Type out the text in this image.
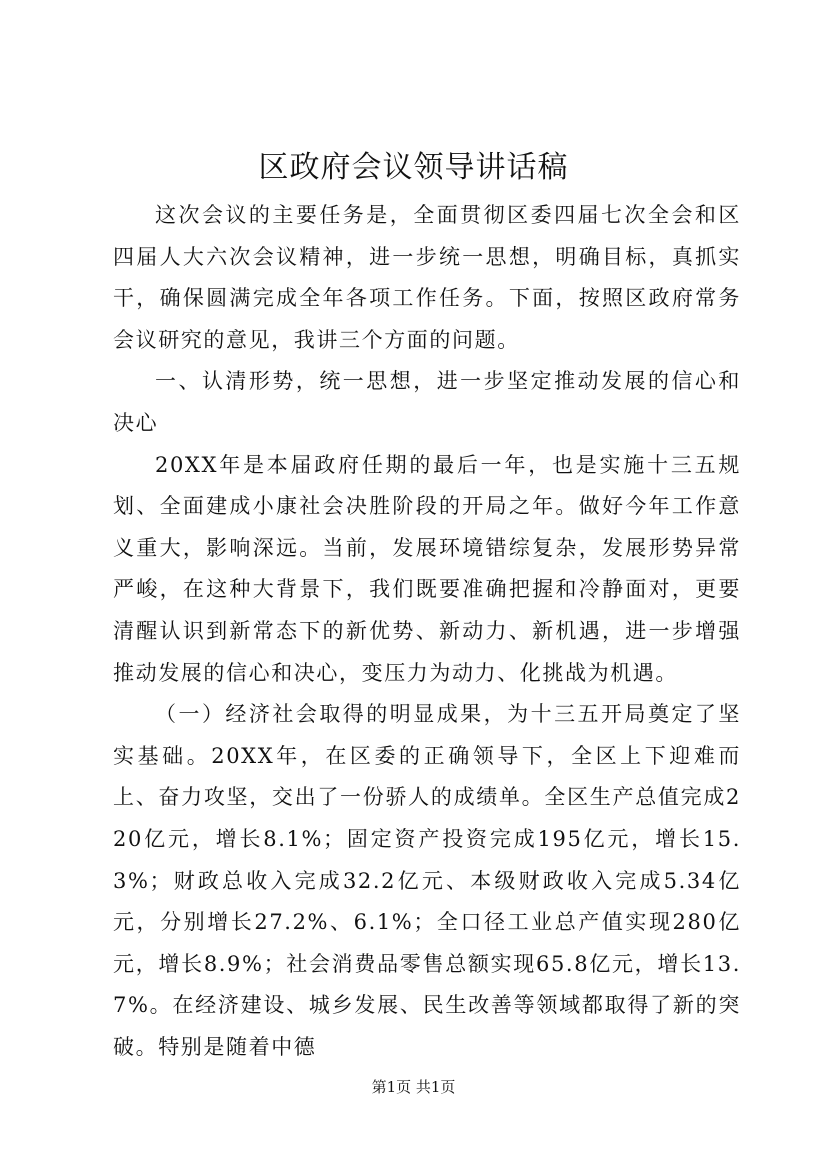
区政府会议领导讲话稿

这次会议的主要任务是，全面贯彻区委四届七次全会和区四届人大六次会议精神，进一步统一思想，明确目标，真抓实干，确保圆满完成全年各项工作任务。下面，按照区政府常务会议研究的意见，我讲三个方面的问题。

一、认清形势，统一思想，进一步坚定推动发展的信心和决心

20XX年是本届政府任期的最后一年，也是实施十三五规划、全面建成小康社会决胜阶段的开局之年。做好今年工作意义重大，影响深远。当前，发展环境错综复杂，发展形势异常严峻，在这种大背景下，我们既要准确把握和冷静面对，更要清醒认识到新常态下的新优势、新动力、新机遇，进一步增强推动发展的信心和决心，变压力为动力、化挑战为机遇。

（一）经济社会取得的明显成果，为十三五开局奠定了坚实基础。20XX年，在区委的正确领导下，全区上下迎难而上、奋力攻坚，交出了一份骄人的成绩单。全区生产总值完成220亿元，增长8.1%；固定资产投资完成195亿元，增长15.3%；财政总收入完成32.2亿元、本级财政收入完成5.34亿元，分别增长27.2%、6.1%；全口径工业总产值实现280亿元，增长8.9%；社会消费品零售总额实现65.8亿元，增长13.7%。在经济建设、城乡发展、民生改善等领域都取得了新的突破。特别是随着中德

第1页 共1页
